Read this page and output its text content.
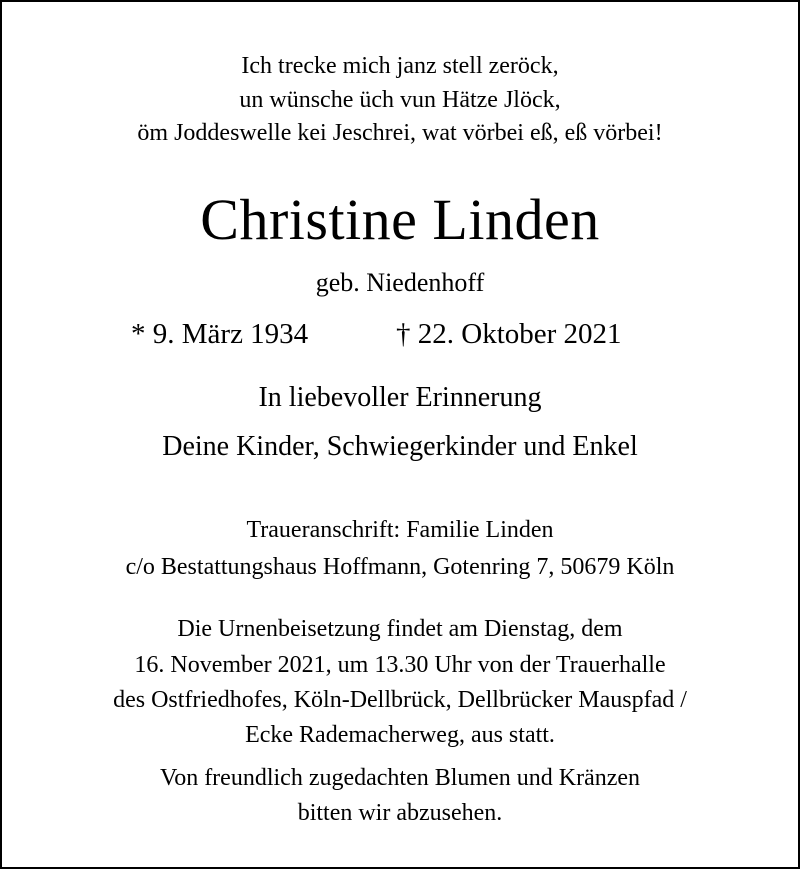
Ich trecke mich janz stell zeröck,
un wünsche üch vun Hätze Jlöck,
öm Joddeswelle kei Jeschrei, wat vörbei eß, eß vörbei!
Christine Linden
geb. Niedenhoff
* 9. März 1934	† 22. Oktober 2021
In liebevoller Erinnerung
Deine Kinder, Schwiegerkinder und Enkel
Traueranschrift: Familie Linden
c/o Bestattungshaus Hoffmann, Gotenring 7, 50679 Köln
Die Urnenbeisetzung findet am Dienstag, dem
16. November 2021, um 13.30 Uhr von der Trauerhalle
des Ostfriedhofes, Köln-Dellbrück, Dellbrücker Mauspfad /
Ecke Rademacherweg, aus statt.
Von freundlich zugedachten Blumen und Kränzen
bitten wir abzusehen.
